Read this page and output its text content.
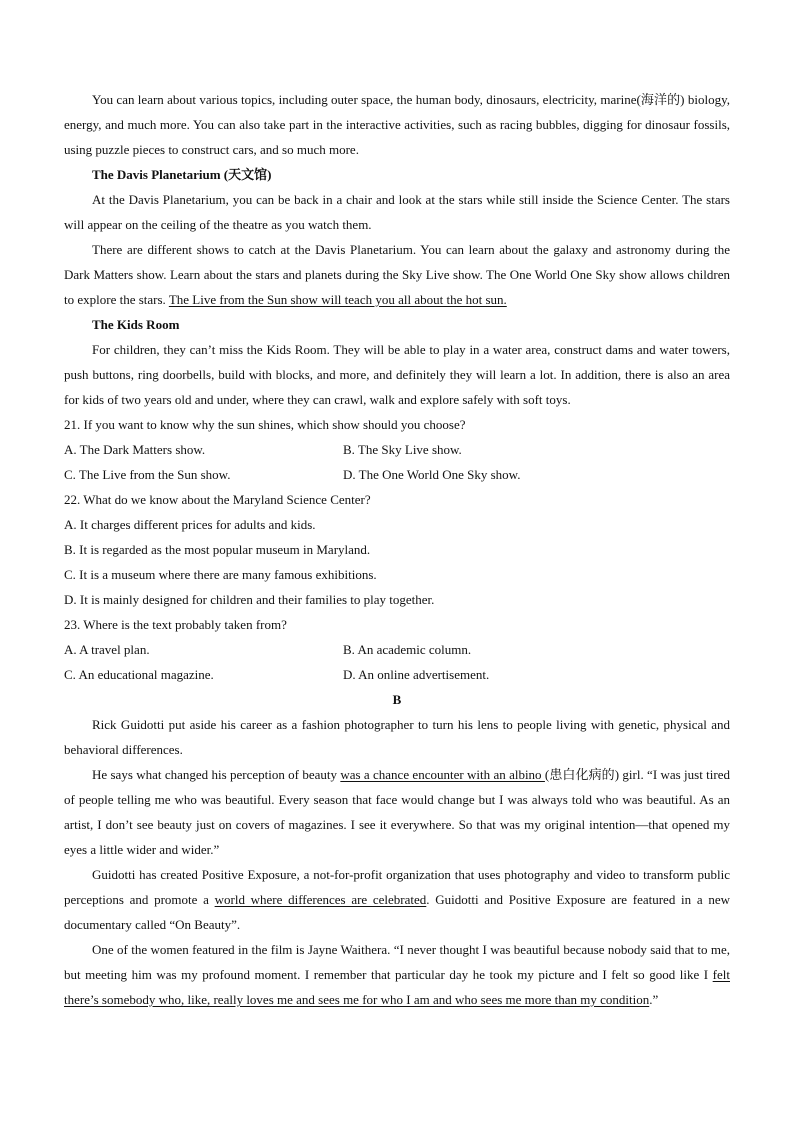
You can learn about various topics, including outer space, the human body, dinosaurs, electricity, marine(海洋的) biology, energy, and much more. You can also take part in the interactive activities, such as racing bubbles, digging for dinosaur fossils, using puzzle pieces to construct cars, and so much more.

The Davis Planetarium (天文馆)

At the Davis Planetarium, you can be back in a chair and look at the stars while still inside the Science Center. The stars will appear on the ceiling of the theatre as you watch them.

There are different shows to catch at the Davis Planetarium. You can learn about the galaxy and astronomy during the Dark Matters show. Learn about the stars and planets during the Sky Live show. The One World One Sky show allows children to explore the stars. The Live from the Sun show will teach you all about the hot sun.

The Kids Room

For children, they can’t miss the Kids Room. They will be able to play in a water area, construct dams and water towers, push buttons, ring doorbells, build with blocks, and more, and definitely they will learn a lot. In addition, there is also an area for kids of two years old and under, where they can crawl, walk and explore safely with soft toys.

21. If you want to know why the sun shines, which show should you choose?

A. The Dark Matters show.	B. The Sky Live show.
C. The Live from the Sun show.	D. The One World One Sky show.

22. What do we know about the Maryland Science Center?

A. It charges different prices for adults and kids.

B. It is regarded as the most popular museum in Maryland.

C. It is a museum where there are many famous exhibitions.

D. It is mainly designed for children and their families to play together.

23. Where is the text probably taken from?

A. A travel plan.	B. An academic column.
C. An educational magazine.	D. An online advertisement.

B

Rick Guidotti put aside his career as a fashion photographer to turn his lens to people living with genetic, physical and behavioral differences.

He says what changed his perception of beauty was a chance encounter with an albino (患白化病的) girl. “I was just tired of people telling me who was beautiful. Every season that face would change but I was always told who was beautiful. As an artist, I don’t see beauty just on covers of magazines. I see it everywhere. So that was my original intention—that opened my eyes a little wider and wider.”

Guidotti has created Positive Exposure, a not-for-profit organization that uses photography and video to transform public perceptions and promote a world where differences are celebrated. Guidotti and Positive Exposure are featured in a new documentary called “On Beauty”.

One of the women featured in the film is Jayne Waithera. “I never thought I was beautiful because nobody said that to me, but meeting him was my profound moment. I remember that particular day he took my picture and I felt so good like I felt there’s somebody who, like, really loves me and sees me for who I am and who sees me more than my condition.”
